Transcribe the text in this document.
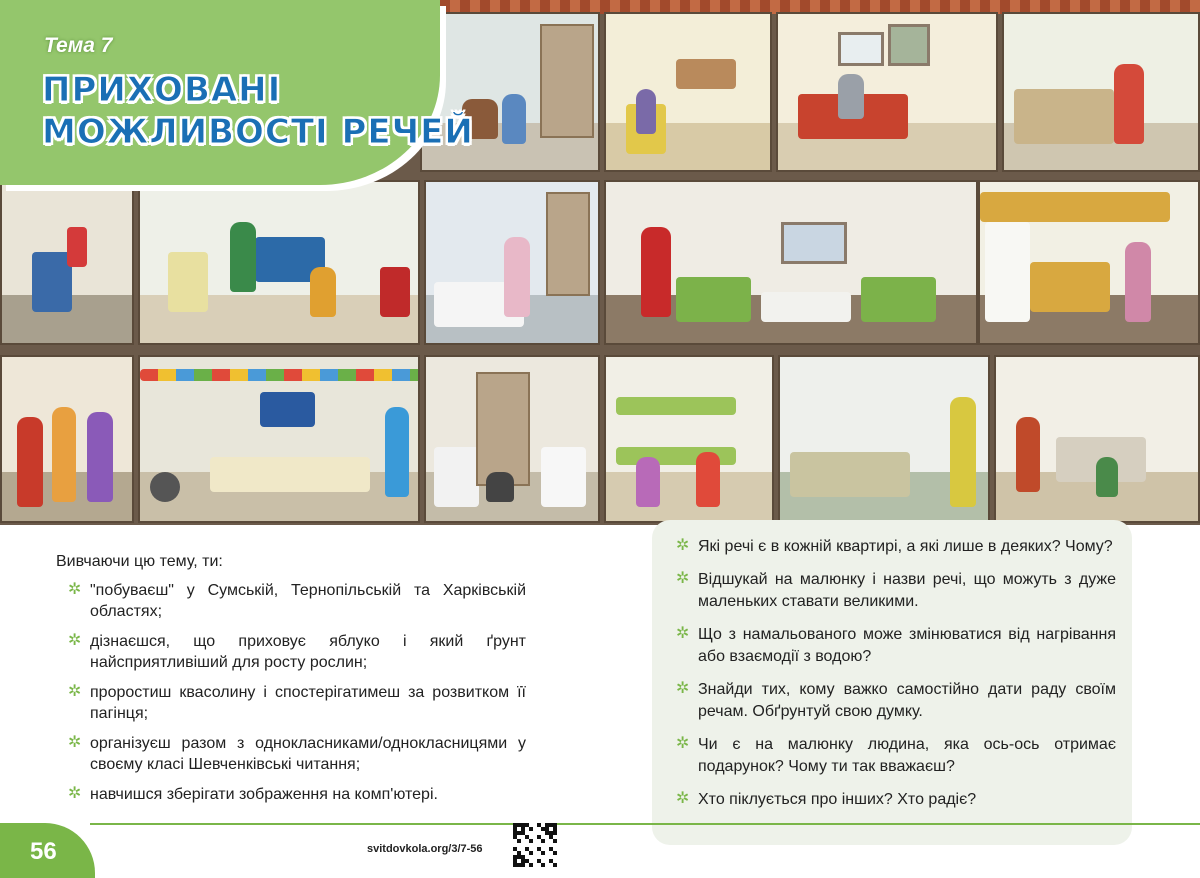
Тема 7
ПРИХОВАНІ
МОЖЛИВОСТІ РЕЧЕЙ
Вивчаючи цю тему, ти:
✲ "побуваєш" у Сумській, Тернопільській та Харківській областях;
✲ дізнаєшся, що приховує яблуко і який ґрунт найсприятливіший для росту рослин;
✲ проростиш квасолину і спостерігатимеш за розвитком її пагінця;
✲ організуєш разом з однокласниками/однокласницями у своєму класі Шевченківські читання;
✲ навчишся зберігати зображення на комп'ютері.
✲ Які речі є в кожній квартирі, а які лише в деяких? Чому?
✲ Відшукай на малюнку і назви речі, що можуть з дуже маленьких ставати великими.
✲ Що з намальованого може змінюватися від нагрівання або взаємодії з водою?
✲ Знайди тих, кому важко самостійно дати раду своїм речам. Обґрунтуй свою думку.
✲ Чи є на малюнку людина, яка ось-ось отримає подарунок? Чому ти так вважаєш?
✲ Хто піклується про інших? Хто радіє?
56	svitdovkola.org/3/7-56
